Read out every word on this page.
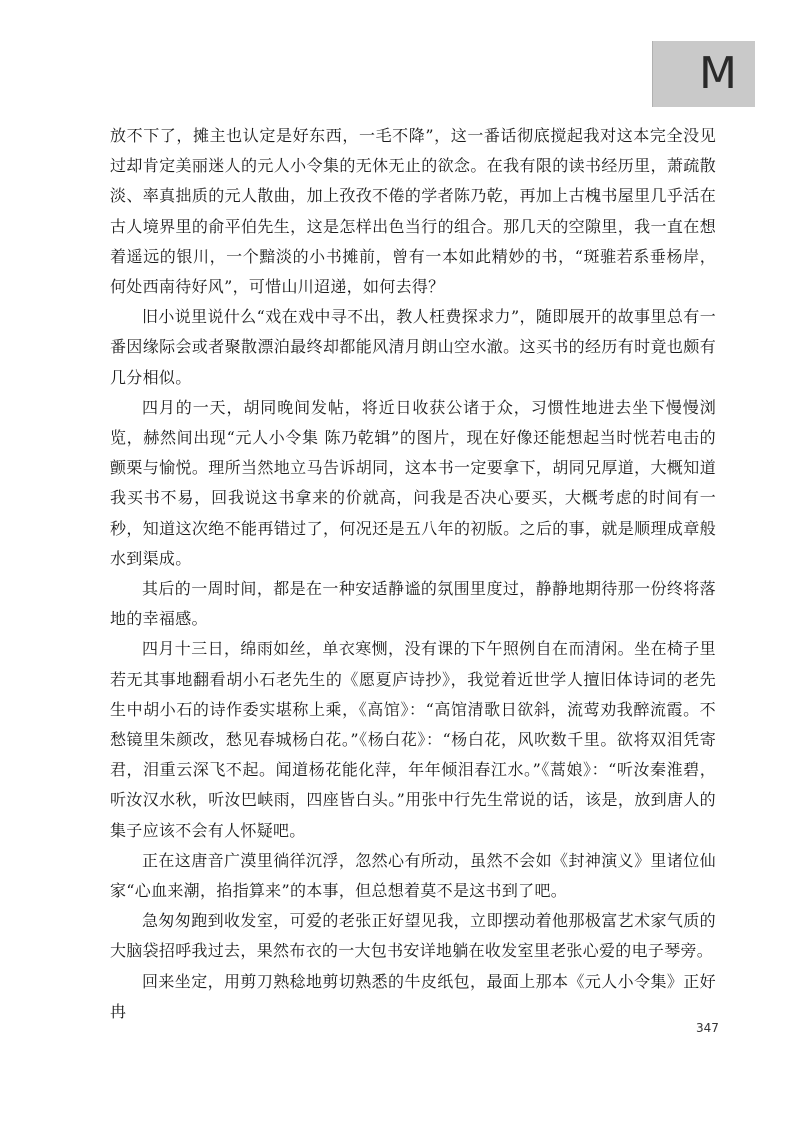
M

放不下了，摊主也认定是好东西，一毛不降”，这一番话彻底搅起我对这本完全没见过却肯定美丽迷人的元人小令集的无休无止的欲念。在我有限的读书经历里，萧疏散淡、率真拙质的元人散曲，加上孜孜不倦的学者陈乃乾，再加上古槐书屋里几乎活在古人境界里的俞平伯先生，这是怎样出色当行的组合。那几天的空隙里，我一直在想着遥远的银川，一个黯淡的小书摊前，曾有一本如此精妙的书，“斑骓若系垂杨岸，何处西南待好风”，可惜山川迢递，如何去得？

旧小说里说什么“戏在戏中寻不出，教人枉费探求力”，随即展开的故事里总有一番因缘际会或者聚散漂泊最终却都能风清月朗山空水澈。这买书的经历有时竟也颇有几分相似。

四月的一天，胡同晚间发帖，将近日收获公诸于众，习惯性地进去坐下慢慢浏览，赫然间出现“元人小令集 陈乃乾辑”的图片，现在好像还能想起当时恍若电击的颤栗与愉悦。理所当然地立马告诉胡同，这本书一定要拿下，胡同兄厚道，大概知道我买书不易，回我说这书拿来的价就高，问我是否决心要买，大概考虑的时间有一秒，知道这次绝不能再错过了，何况还是五八年的初版。之后的事，就是顺理成章般水到渠成。

其后的一周时间，都是在一种安适静谧的氛围里度过，静静地期待那一份终将落地的幸福感。

四月十三日，绵雨如丝，单衣寒恻，没有课的下午照例自在而清闲。坐在椅子里若无其事地翻看胡小石老先生的《愿夏庐诗抄》，我觉着近世学人擅旧体诗词的老先生中胡小石的诗作委实堪称上乘，《高馆》：“高馆清歌日欲斜，流莺劝我醉流霞。不愁镜里朱颜改，愁见春城杨白花。”《杨白花》：“杨白花，风吹数千里。欲将双泪凭寄君，泪重云深飞不起。闻道杨花能化萍，年年倾泪春江水。”《蒿娘》：“听汝秦淮碧，听汝汉水秋，听汝巴峡雨，四座皆白头。”用张中行先生常说的话，该是，放到唐人的集子应该不会有人怀疑吧。

正在这唐音广漠里徜徉沉浮，忽然心有所动，虽然不会如《封神演义》里诸位仙家“心血来潮，掐指算来”的本事，但总想着莫不是这书到了吧。

急匆匆跑到收发室，可爱的老张正好望见我，立即摆动着他那极富艺术家气质的大脑袋招呼我过去，果然布衣的一大包书安详地躺在收发室里老张心爱的电子琴旁。

回来坐定，用剪刀熟稔地剪切熟悉的牛皮纸包，最面上那本《元人小令集》正好冉

347
